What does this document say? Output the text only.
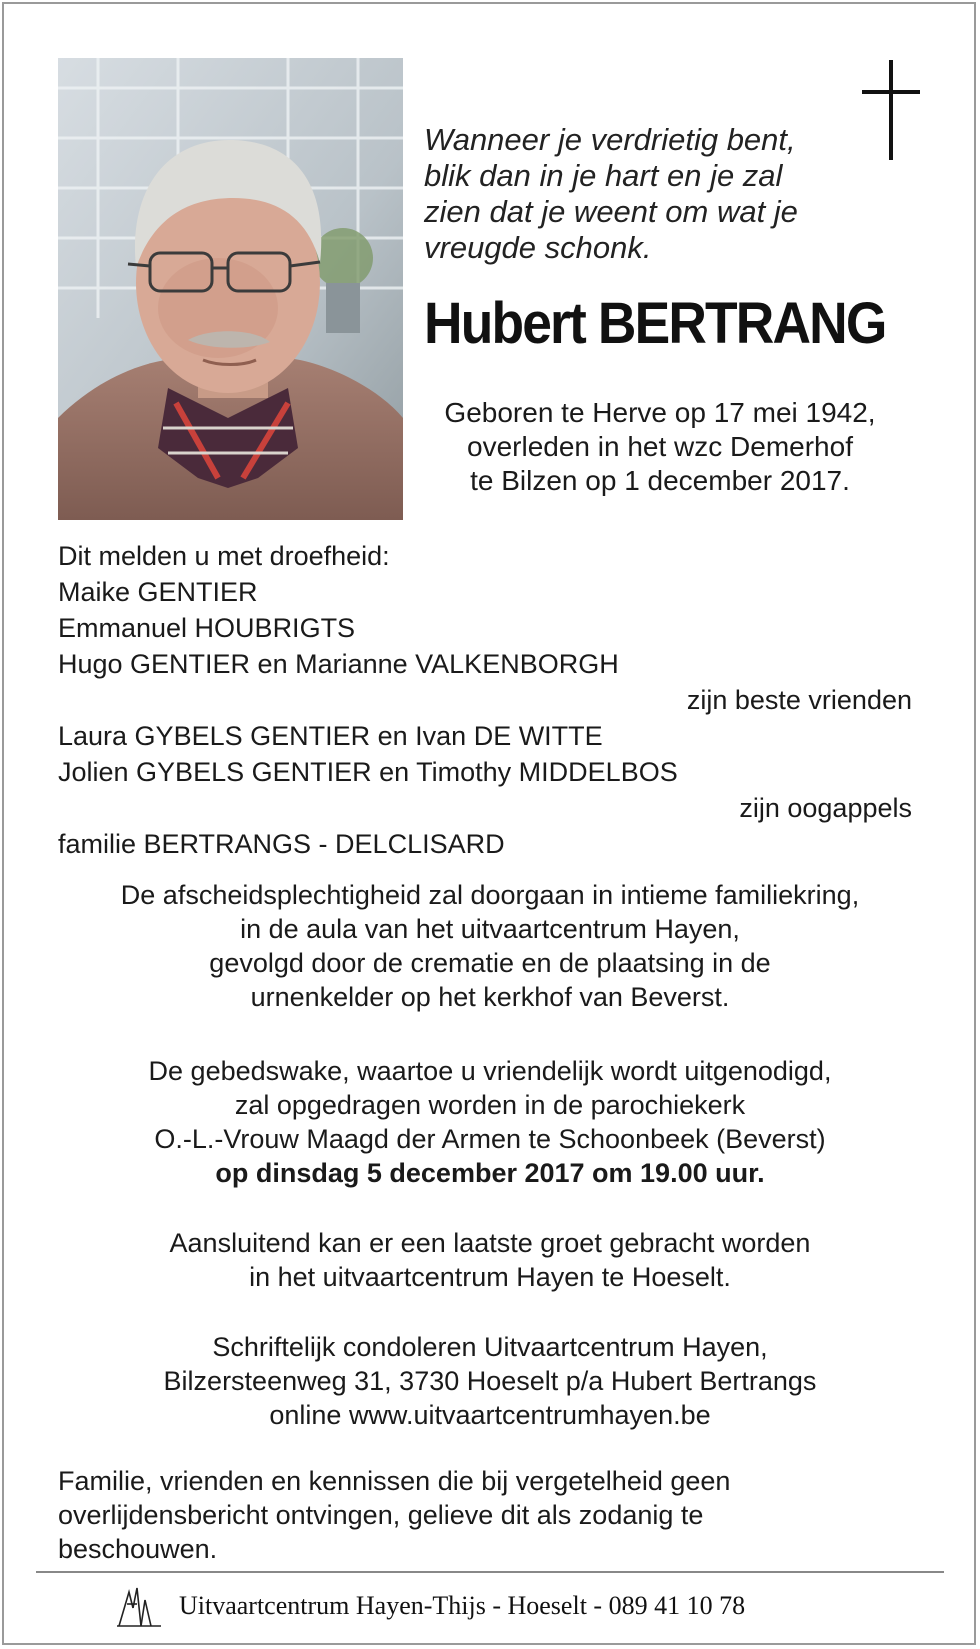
Wanneer je verdrietig bent,
blik dan in je hart en je zal
zien dat je weent om wat je
vreugde schonk.
Hubert BERTRANG
Geboren te Herve op 17 mei 1942,
overleden in het wzc Demerhof
te Bilzen op 1 december 2017.
Dit melden u met droefheid:
Maike GENTIER
Emmanuel HOUBRIGTS
Hugo GENTIER en Marianne VALKENBORGH
zijn beste vrienden
Laura GYBELS GENTIER en Ivan DE WITTE
Jolien GYBELS GENTIER en Timothy MIDDELBOS
zijn oogappels
familie BERTRANGS - DELCLISARD
De afscheidsplechtigheid zal doorgaan in intieme familiekring,
in de aula van het uitvaartcentrum Hayen,
gevolgd door de crematie en de plaatsing in de
urnenkelder op het kerkhof van Beverst.
De gebedswake, waartoe u vriendelijk wordt uitgenodigd,
zal opgedragen worden in de parochiekerk
O.-L.-Vrouw Maagd der Armen te Schoonbeek (Beverst)
op dinsdag 5 december 2017 om 19.00 uur.
Aansluitend kan er een laatste groet gebracht worden
in het uitvaartcentrum Hayen te Hoeselt.
Schriftelijk condoleren Uitvaartcentrum Hayen,
Bilzersteenweg 31, 3730 Hoeselt p/a Hubert Bertrangs
online www.uitvaartcentrumhayen.be
Familie, vrienden en kennissen die bij vergetelheid geen
overlijdensbericht ontvingen, gelieve dit als zodanig te
beschouwen.
Uitvaartcentrum Hayen-Thijs - Hoeselt - 089 41 10 78
